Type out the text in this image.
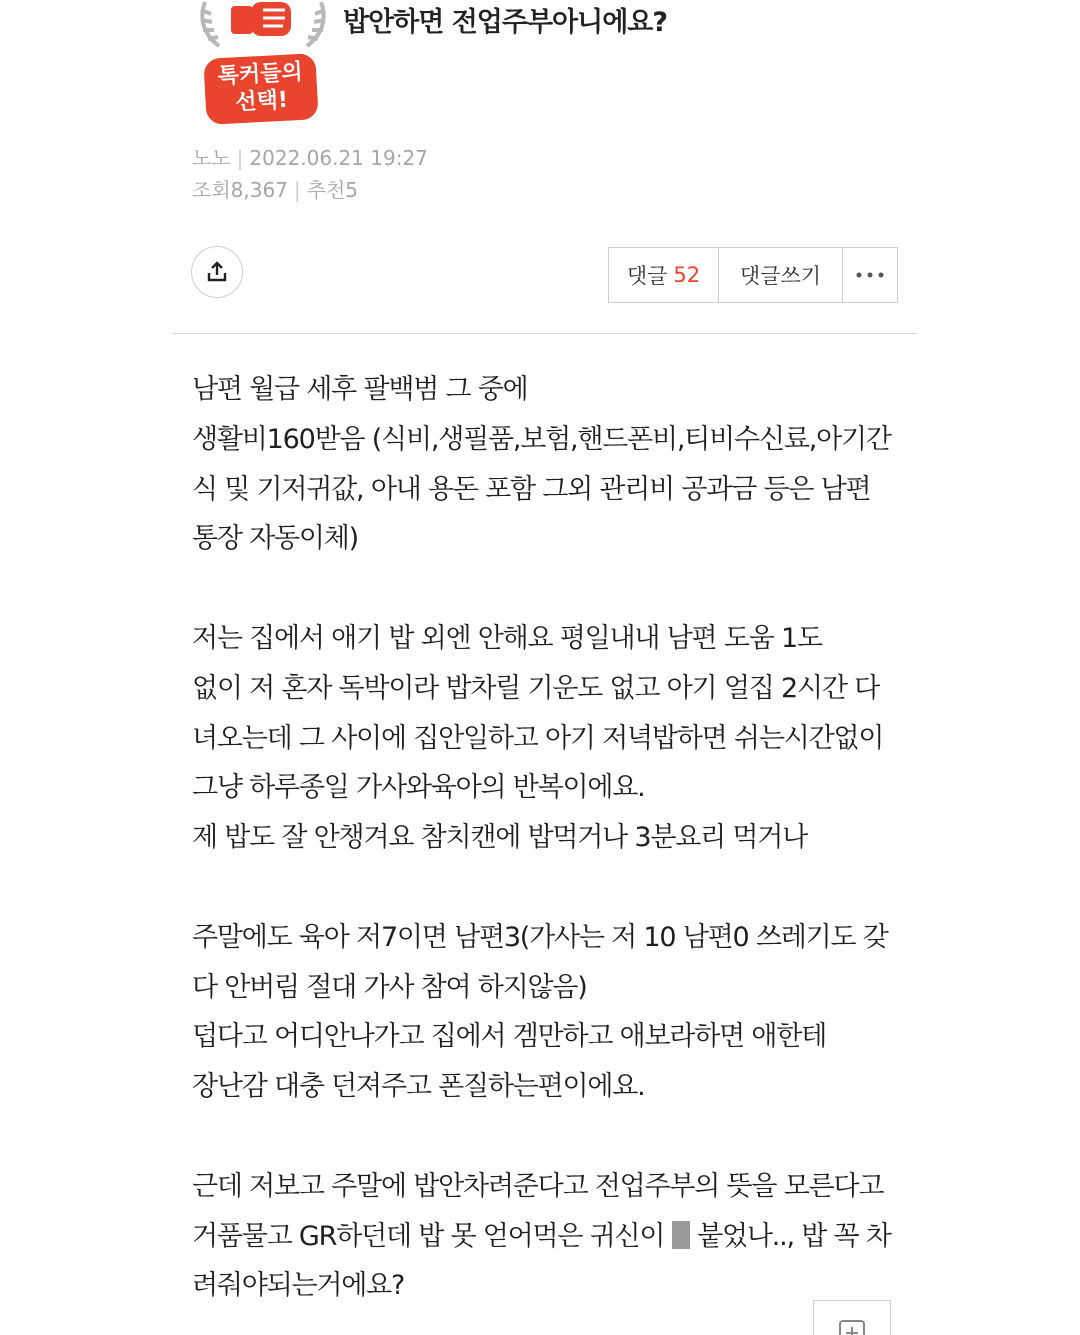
톡커들의
선택!
밥안하면 전업주부아니에요?
노노 | 2022.06.21 19:27
조회8,367 | 추천5
댓글 52	댓글쓰기
남편 월급 세후 팔백범 그 중에
생활비160받음 (식비,생필품,보험,핸드폰비,티비수신료,아기간
식 및 기저귀값, 아내 용돈 포함 그외 관리비 공과금 등은 남편
통장 자동이체)
저는 집에서 애기 밥 외엔 안해요 평일내내 남편 도움 1도
없이 저 혼자 독박이라 밥차릴 기운도 없고 아기 얼집 2시간 다
녀오는데 그 사이에 집안일하고 아기 저녁밥하면 쉬는시간없이
그냥 하루종일 가사와육아의 반복이에요.
제 밥도 잘 안챙겨요 참치캔에 밥먹거나 3분요리 먹거나
주말에도 육아 저7이면 남편3(가사는 저 10 남편0 쓰레기도 갖
다 안버림 절대 가사 참여 하지않음)
덥다고 어디안나가고 집에서 겜만하고 애보라하면 애한테
장난감 대충 던져주고 폰질하는편이에요.
근데 저보고 주말에 밥안차려준다고 전업주부의 뜻을 모른다고
거품물고 GR하던데 밥 못 얻어먹은 귀신이  붙었나.., 밥 꼭 차
려줘야되는거에요?
